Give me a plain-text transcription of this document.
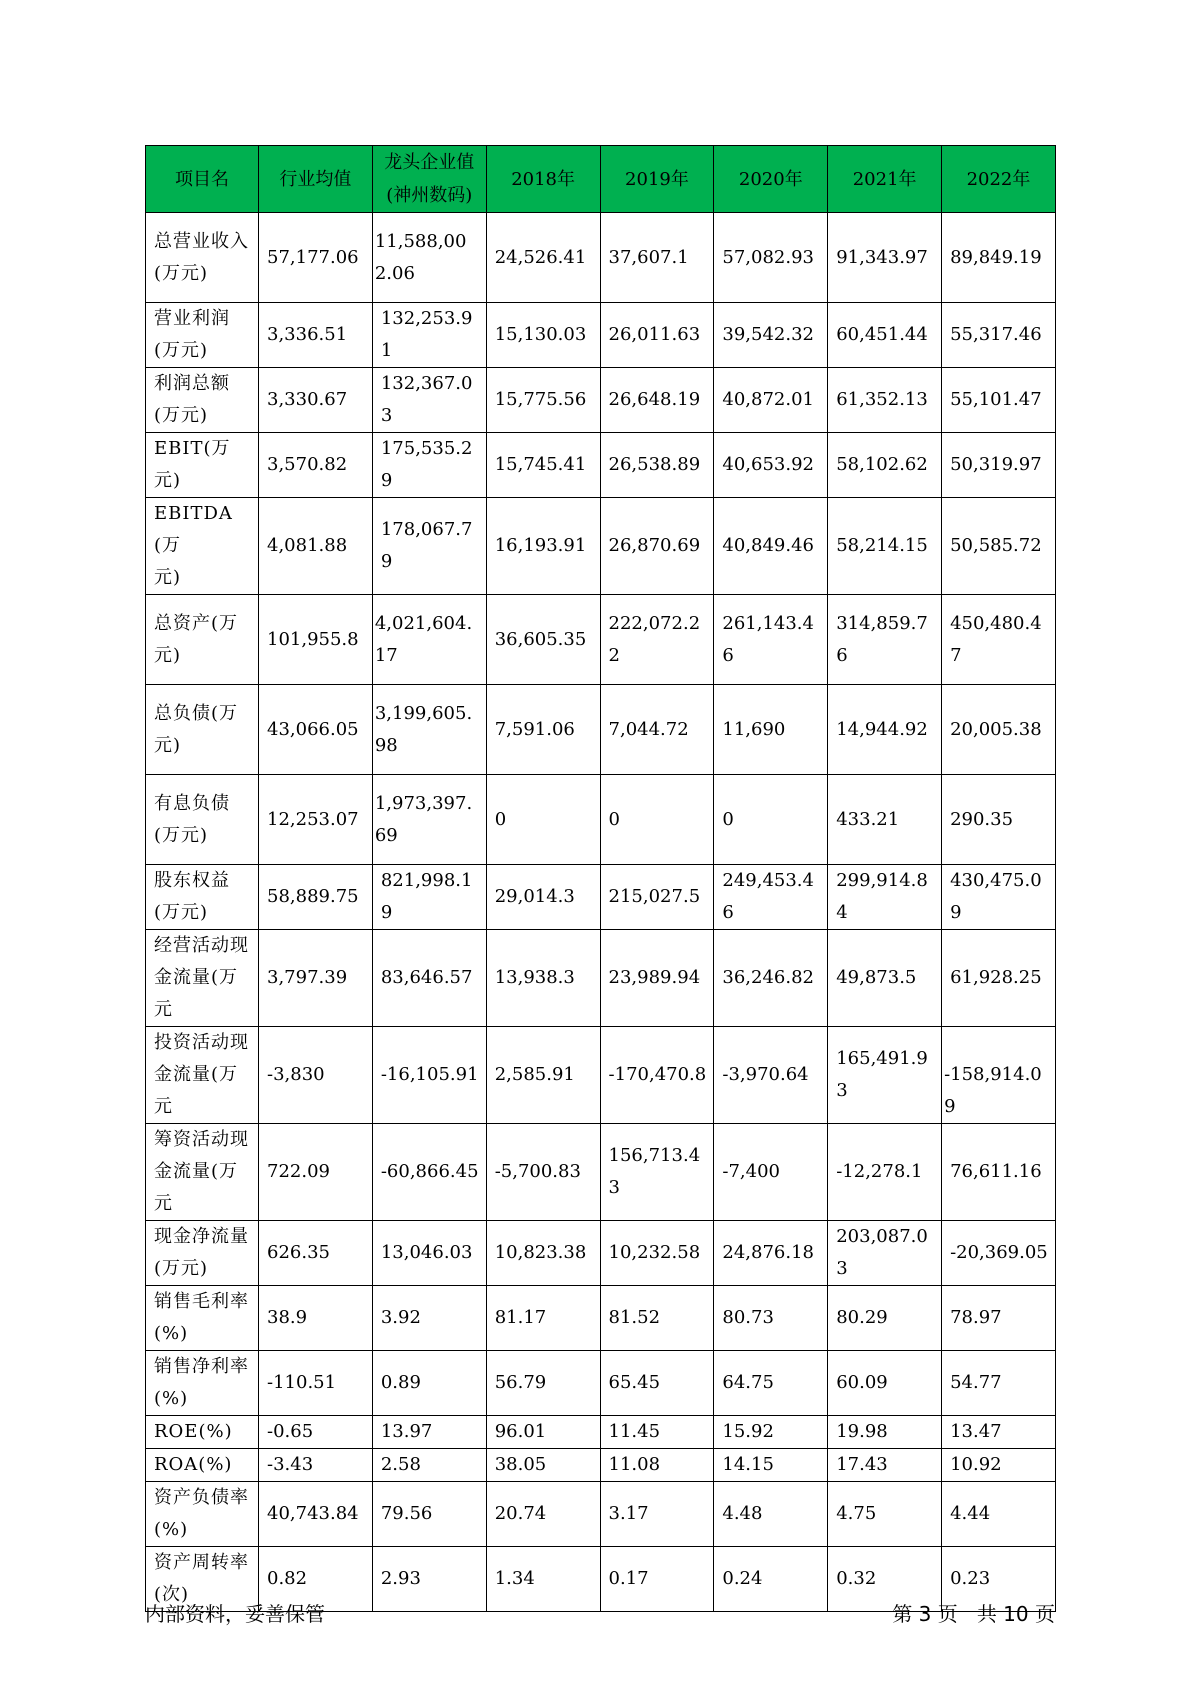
项目名	行业均值	龙头企业值(神州数码)	2018年	2019年	2020年	2021年	2022年

总营业收入
(万元)	57,177.06	11,588,002.06	24,526.41	37,607.1	57,082.93	91,343.97	89,849.19

营业利润
(万元)	3,336.51	132,253.91	15,130.03	26,011.63	39,542.32	60,451.44	55,317.46

利润总额
(万元)	3,330.67	132,367.03	15,775.56	26,648.19	40,872.01	61,352.13	55,101.47

EBIT(万元)	3,570.82	175,535.29	15,745.41	26,538.89	40,653.92	58,102.62	50,319.97

EBITDA(万
元)	4,081.88	178,067.79	16,193.91	26,870.69	40,849.46	58,214.15	50,585.72

总资产(万
元)	101,955.8	4,021,604.17	36,605.35	222,072.22	261,143.46	314,859.76	450,480.47

总负债(万
元)	43,066.05	3,199,605.98	7,591.06	7,044.72	11,690	14,944.92	20,005.38

有息负债
(万元)	12,253.07	1,973,397.69	0	0	0	433.21	290.35

股东权益
(万元)	58,889.75	821,998.19	29,014.3	215,027.5	249,453.46	299,914.84	430,475.09

经营活动现
金流量(万元	3,797.39	83,646.57	13,938.3	23,989.94	36,246.82	49,873.5	61,928.25

投资活动现
金流量(万元	-3,830	-16,105.91	2,585.91	-170,470.8	-3,970.64	165,491.93	-158,914.09

筹资活动现
金流量(万元	722.09	-60,866.45	-5,700.83	156,713.43	-7,400	-12,278.1	76,611.16

现金净流量
(万元)	626.35	13,046.03	10,823.38	10,232.58	24,876.18	203,087.03	-20,369.05

销售毛利率
(%)	38.9	3.92	81.17	81.52	80.73	80.29	78.97

销售净利率
(%)	-110.51	0.89	56.79	65.45	64.75	60.09	54.77

ROE(%)	-0.65	13.97	96.01	11.45	15.92	19.98	13.47

ROA(%)	-3.43	2.58	38.05	11.08	14.15	17.43	10.92

资产负债率
(%)	40,743.84	79.56	20.74	3.17	4.48	4.75	4.44

资产周转率
(次)	0.82	2.93	1.34	0.17	0.24	0.32	0.23
内部资料，妥善保管	第 3 页   共 10 页
